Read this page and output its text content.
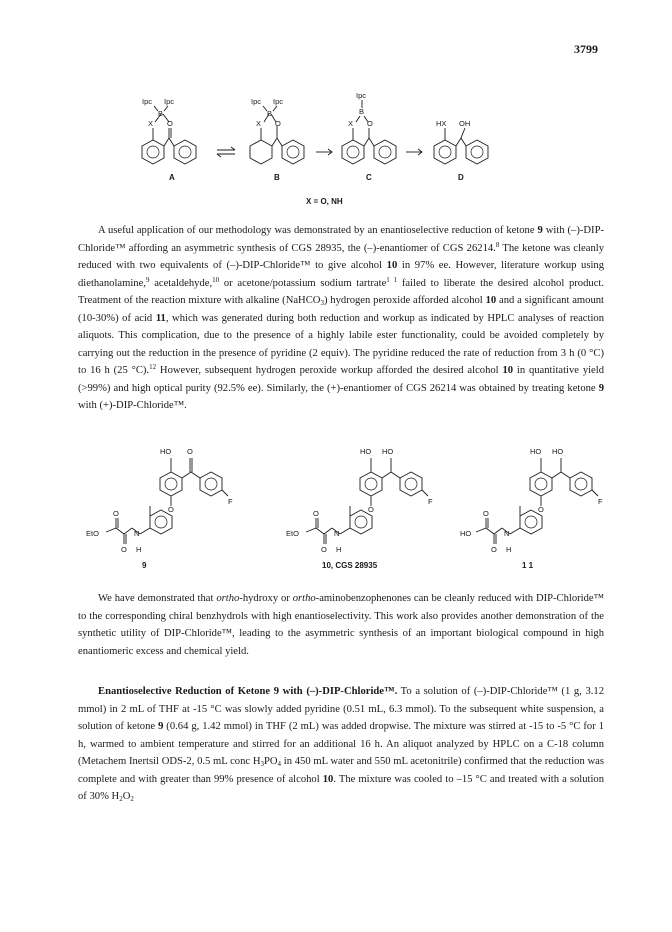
3799
Ipc Ipc
B
X O
Ipc Ipc
B
X O
Ipc
B
X O	HX OH
A	B	C	D
X = O, NH

A useful application of our methodology was demonstrated by an enantioselective reduction of ketone 9 with (–)-DIP-Chloride™ affording an asymmetric synthesis of CGS 28935, the (–)-enantiomer of CGS 26214.$^8$ The ketone was cleanly reduced with two equivalents of (–)-DIP-Chloride™ to give alcohol 10 in 97% ee. However, literature workup using diethanolamine,$^9$ acetaldehyde,$^{10}$ or acetone/potassium sodium tartrate$^{1 1}$ failed to liberate the desired alcohol product. Treatment of the reaction mixture with alkaline (NaHCO$_3$) hydrogen peroxide afforded alcohol 10 and a significant amount (10-30%) of acid 11, which was generated during both reduction and workup as indicated by HPLC analyses of reaction aliquots. This complication, due to the presence of a highly labile ester functionality, could be avoided completely by carrying out the reduction in the presence of pyridine (2 equiv). The pyridine reduced the rate of reduction from 3 h (0 °C) to 16 h (25 °C).$^{12}$ However, subsequent hydrogen peroxide workup afforded the desired alcohol 10 in quantitative yield (>99%) and high optical purity (92.5% ee). Similarly, the (+)-enantiomer of CGS 26214 was obtained by treating ketone 9 with (+)-DIP-Chloride™.

HO O
F
O
O
EtO	N
O H
9
HO HO
F
O
O
EtO	N
O H
10, CGS 28935
HO HO
F
O
O
HO	N
O H
1 1

We have demonstrated that ortho-hydroxy or ortho-aminobenzophenones can be cleanly reduced with DIP-Chloride™ to the corresponding chiral benzhydrols with high enantioselectivity. This work also provides another demonstration of the synthetic utility of DIP-Chloride™, leading to the asymmetric synthesis of an important biological compound in high enantiomeric excess and chemical yield.

Enantioselective Reduction of Ketone 9 with (–)-DIP-Chloride™. To a solution of (–)-DIP-Chloride™ (1 g, 3.12 mmol) in 2 mL of THF at -15 °C was slowly added pyridine (0.51 mL, 6.3 mmol). To the subsequent white suspension, a solution of ketone 9 (0.64 g, 1.42 mmol) in THF (2 mL) was added dropwise. The mixture was stirred at -15 to -5 °C for 1 h, warmed to ambient temperature and stirred for an additional 16 h. An aliquot analyzed by HPLC on a C-18 column (Metachem Inertsil ODS-2, 0.5 mL conc $H_3PO_4$ in 450 mL water and 550 mL acetonitrile) confirmed that the reduction was complete and with greater than 99% presence of alcohol 10. The mixture was cooled to –15 °C and treated with a solution of 30% $H_2O_2$
